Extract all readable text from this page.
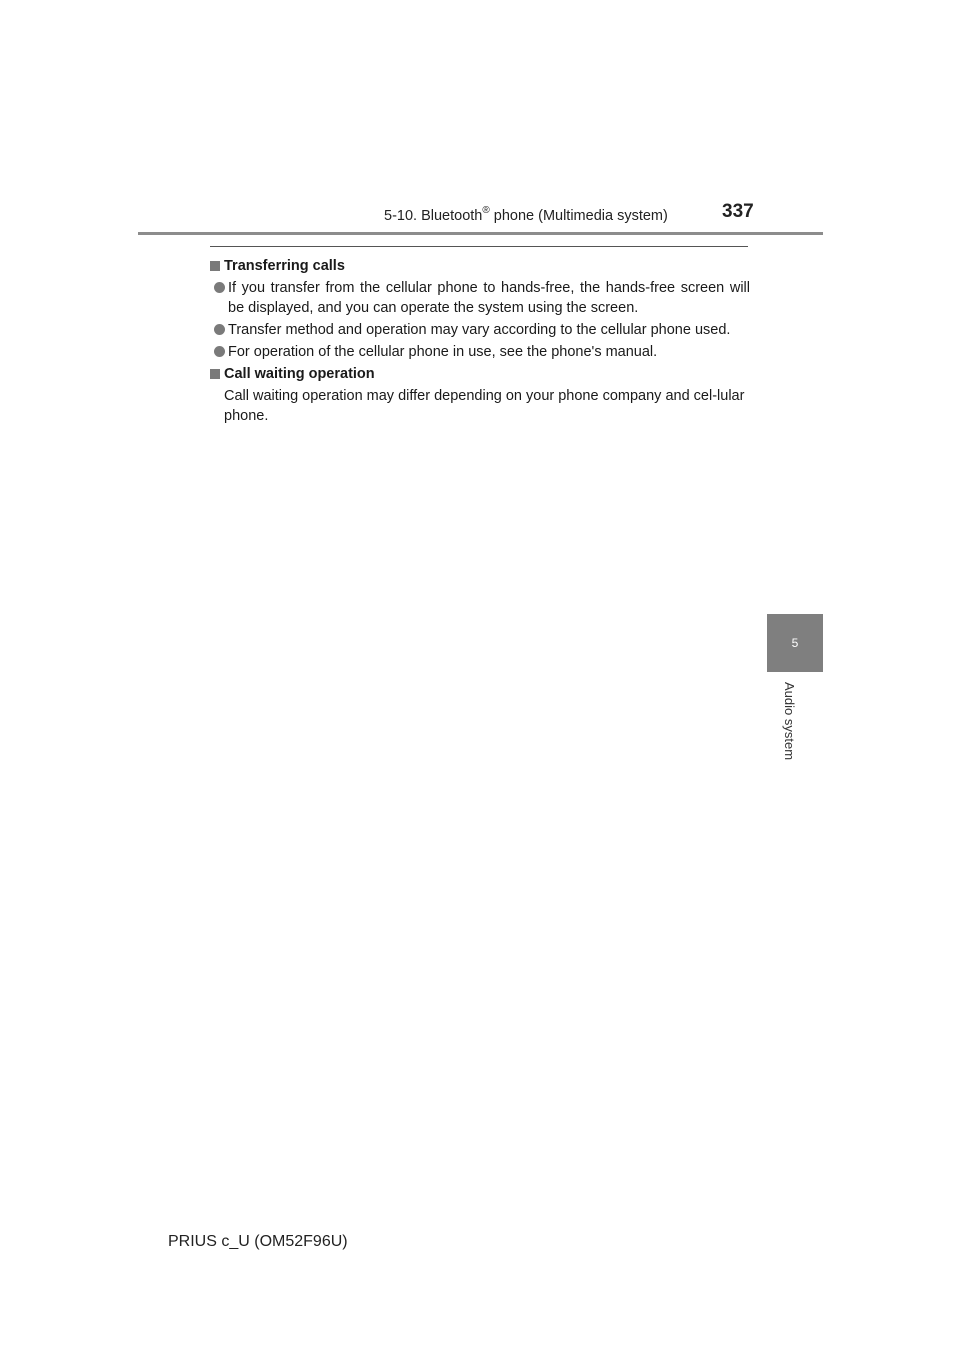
5-10. Bluetooth® phone (Multimedia system)	337
Transferring calls
If you transfer from the cellular phone to hands-free, the hands-free screen will be displayed, and you can operate the system using the screen.
Transfer method and operation may vary according to the cellular phone used.
For operation of the cellular phone in use, see the phone's manual.
Call waiting operation
Call waiting operation may differ depending on your phone company and cel-lular phone.
5
Audio system
PRIUS c_U (OM52F96U)
